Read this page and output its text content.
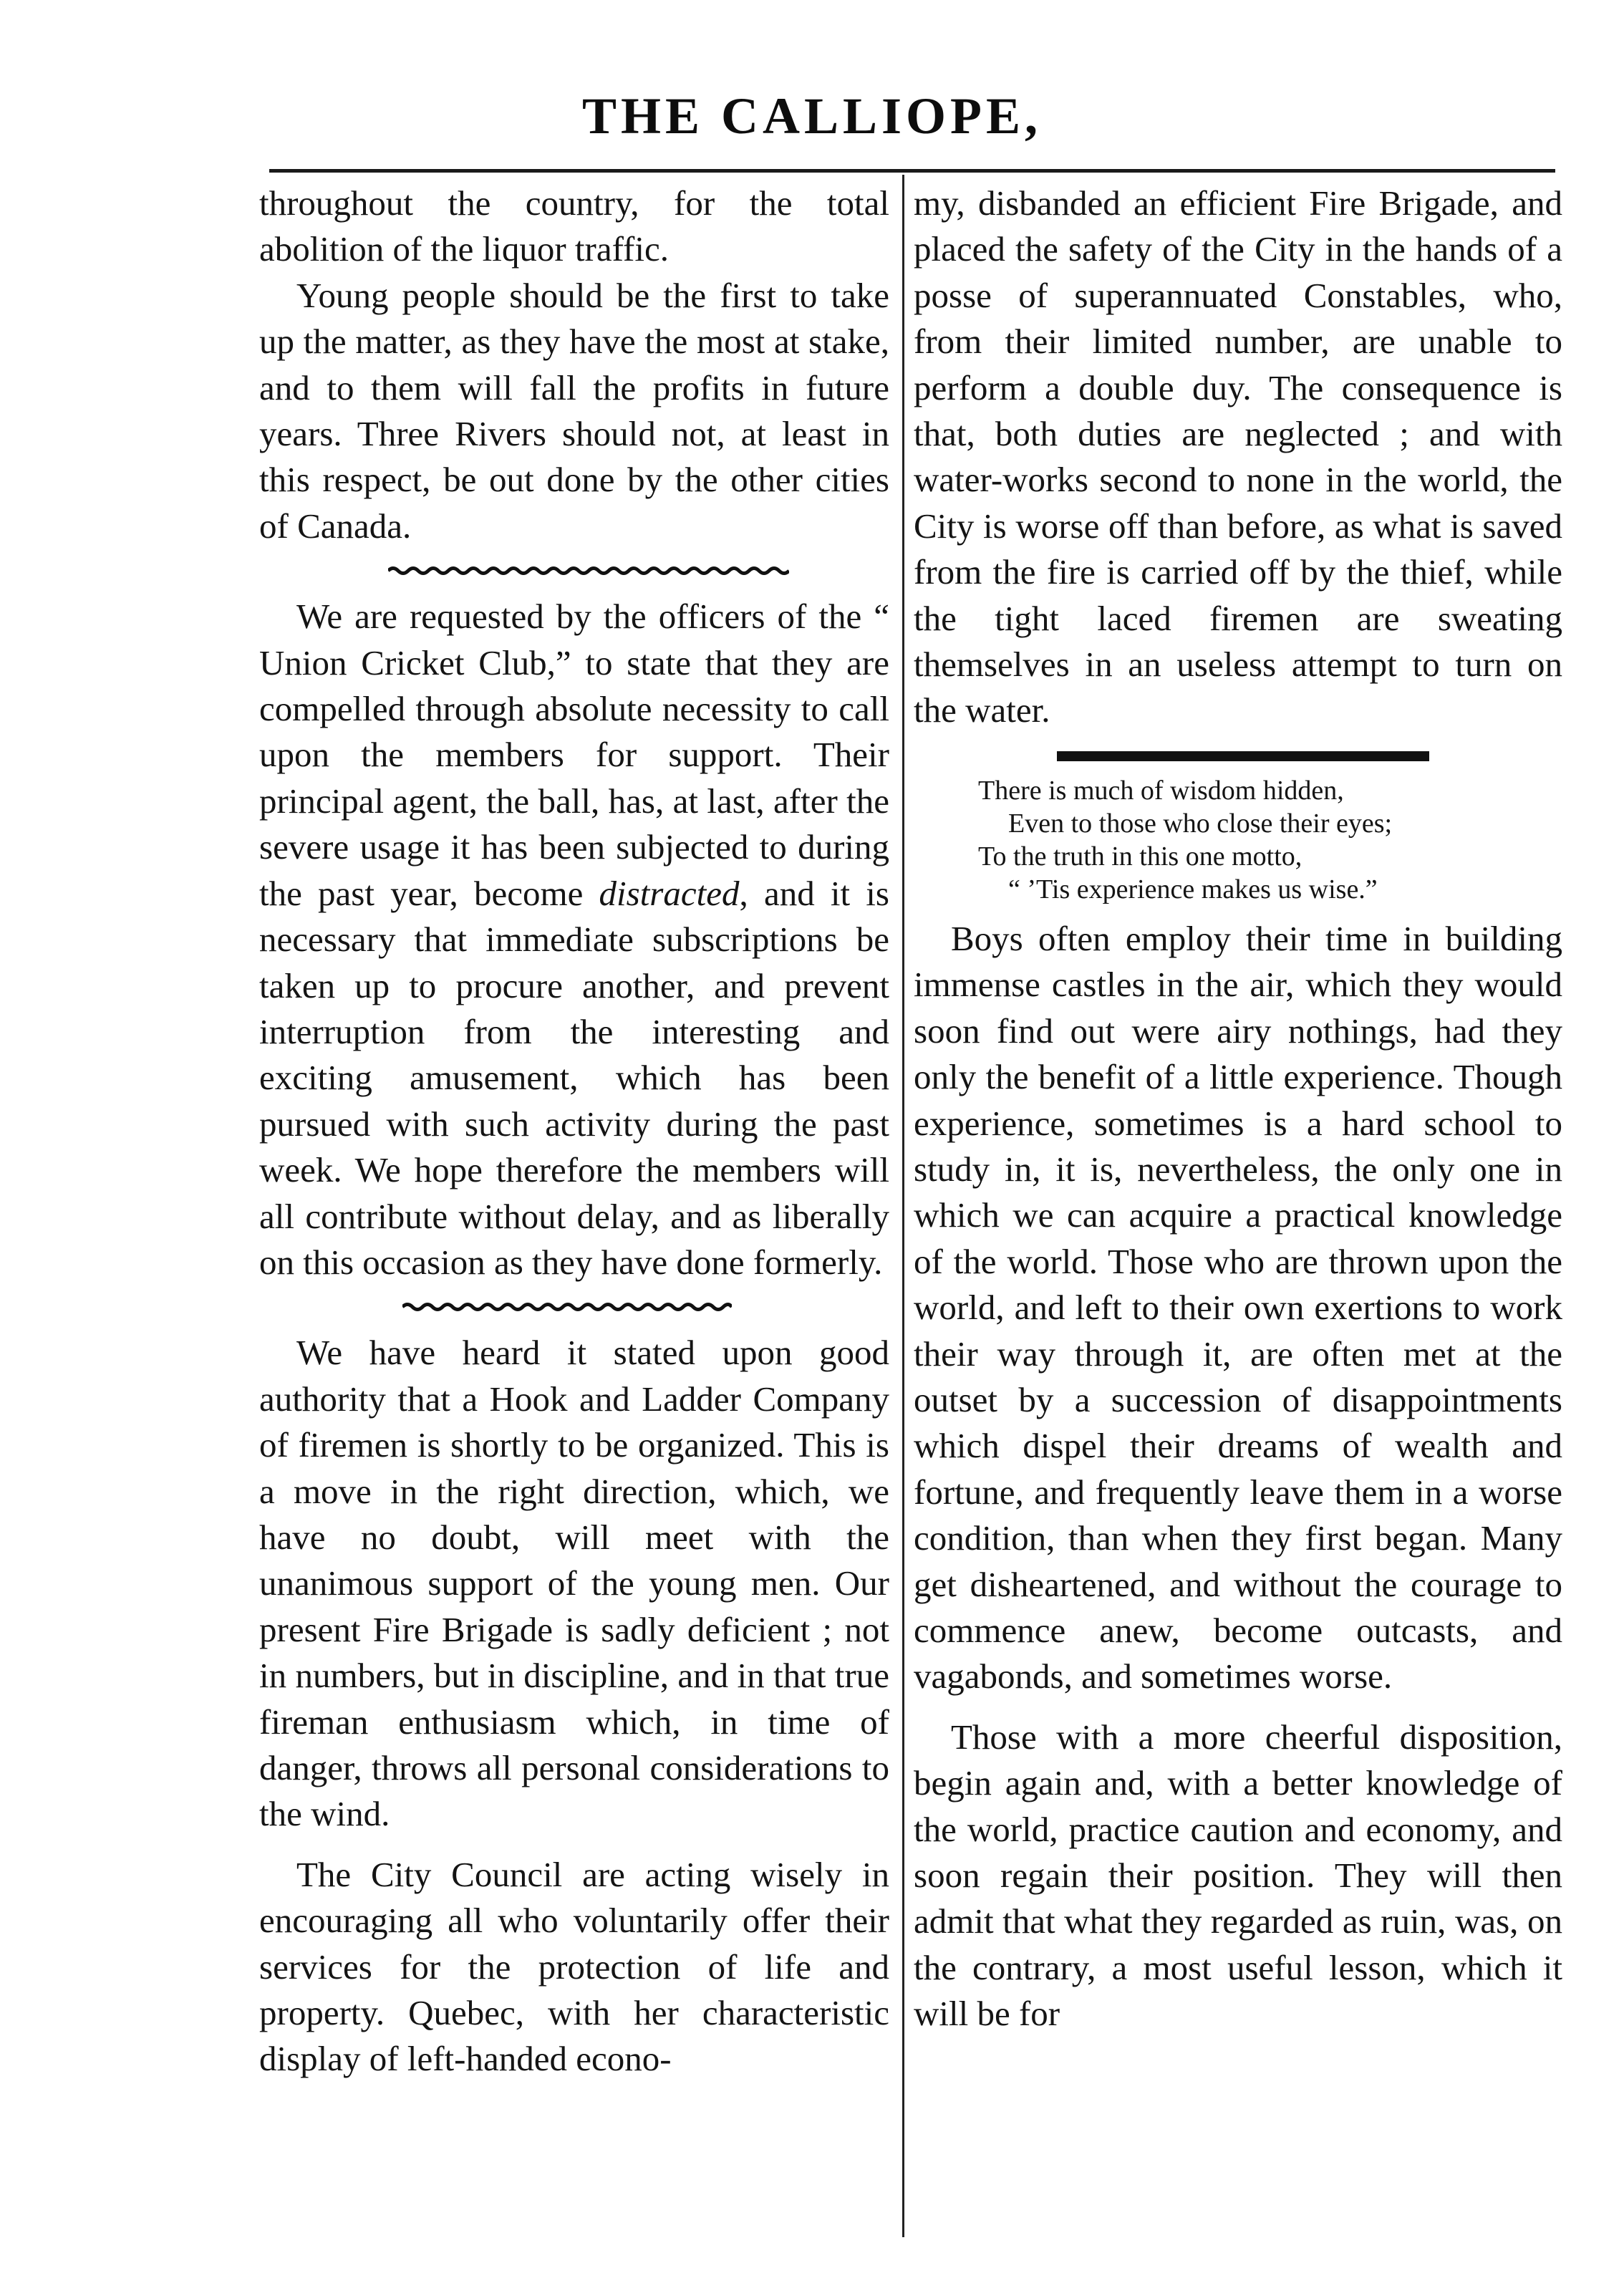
THE CALLIOPE,

throughout the country, for the total abolition of the liquor traffic.

Young people should be the first to take up the matter, as they have the most at stake, and to them will fall the profits in future years. Three Rivers should not, at least in this respect, be out done by the other cities of Canada.

We are requested by the officers of the “ Union Cricket Club,” to state that they are compelled through absolute necessity to call upon the members for support. Their principal agent, the ball, has, at last, after the severe usage it has been subjected to during the past year, become distracted, and it is necessary that immediate subscriptions be taken up to procure another, and prevent interruption from the interesting and exciting amusement, which has been pursued with such activity during the past week. We hope therefore the members will all contribute without delay, and as liberally on this occasion as they have done formerly.

We have heard it stated upon good authority that a Hook and Ladder Company of firemen is shortly to be organized. This is a move in the right direction, which, we have no doubt, will meet with the unanimous support of the young men. Our present Fire Brigade is sadly deficient ; not in numbers, but in discipline, and in that true fireman enthusiasm which, in time of danger, throws all personal considerations to the wind.

The City Council are acting wisely in encouraging all who voluntarily offer their services for the protection of life and property. Quebec, with her characteristic display of left-handed econo-

my, disbanded an efficient Fire Brigade, and placed the safety of the City in the hands of a posse of superannuated Constables, who, from their limited number, are unable to perform a double duy. The consequence is that, both duties are neglected ; and with water-works second to none in the world, the City is worse off than before, as what is saved from the fire is carried off by the thief, while the tight laced firemen are sweating themselves in an useless attempt to turn on the water.

There is much of wisdom hidden,
Even to those who close their eyes;
To the truth in this one motto,
“ ’Tis experience makes us wise.”

Boys often employ their time in building immense castles in the air, which they would soon find out were airy nothings, had they only the benefit of a little experience. Though experience, sometimes is a hard school to study in, it is, nevertheless, the only one in which we can acquire a practical knowledge of the world. Those who are thrown upon the world, and left to their own exertions to work their way through it, are often met at the outset by a succession of disappointments which dispel their dreams of wealth and fortune, and frequently leave them in a worse condition, than when they first began. Many get disheartened, and without the courage to commence anew, become outcasts, and vagabonds, and sometimes worse.

Those with a more cheerful disposition, begin again and, with a better knowledge of the world, practice caution and economy, and soon regain their position. They will then admit that what they regarded as ruin, was, on the contrary, a most useful lesson, which it will be for
